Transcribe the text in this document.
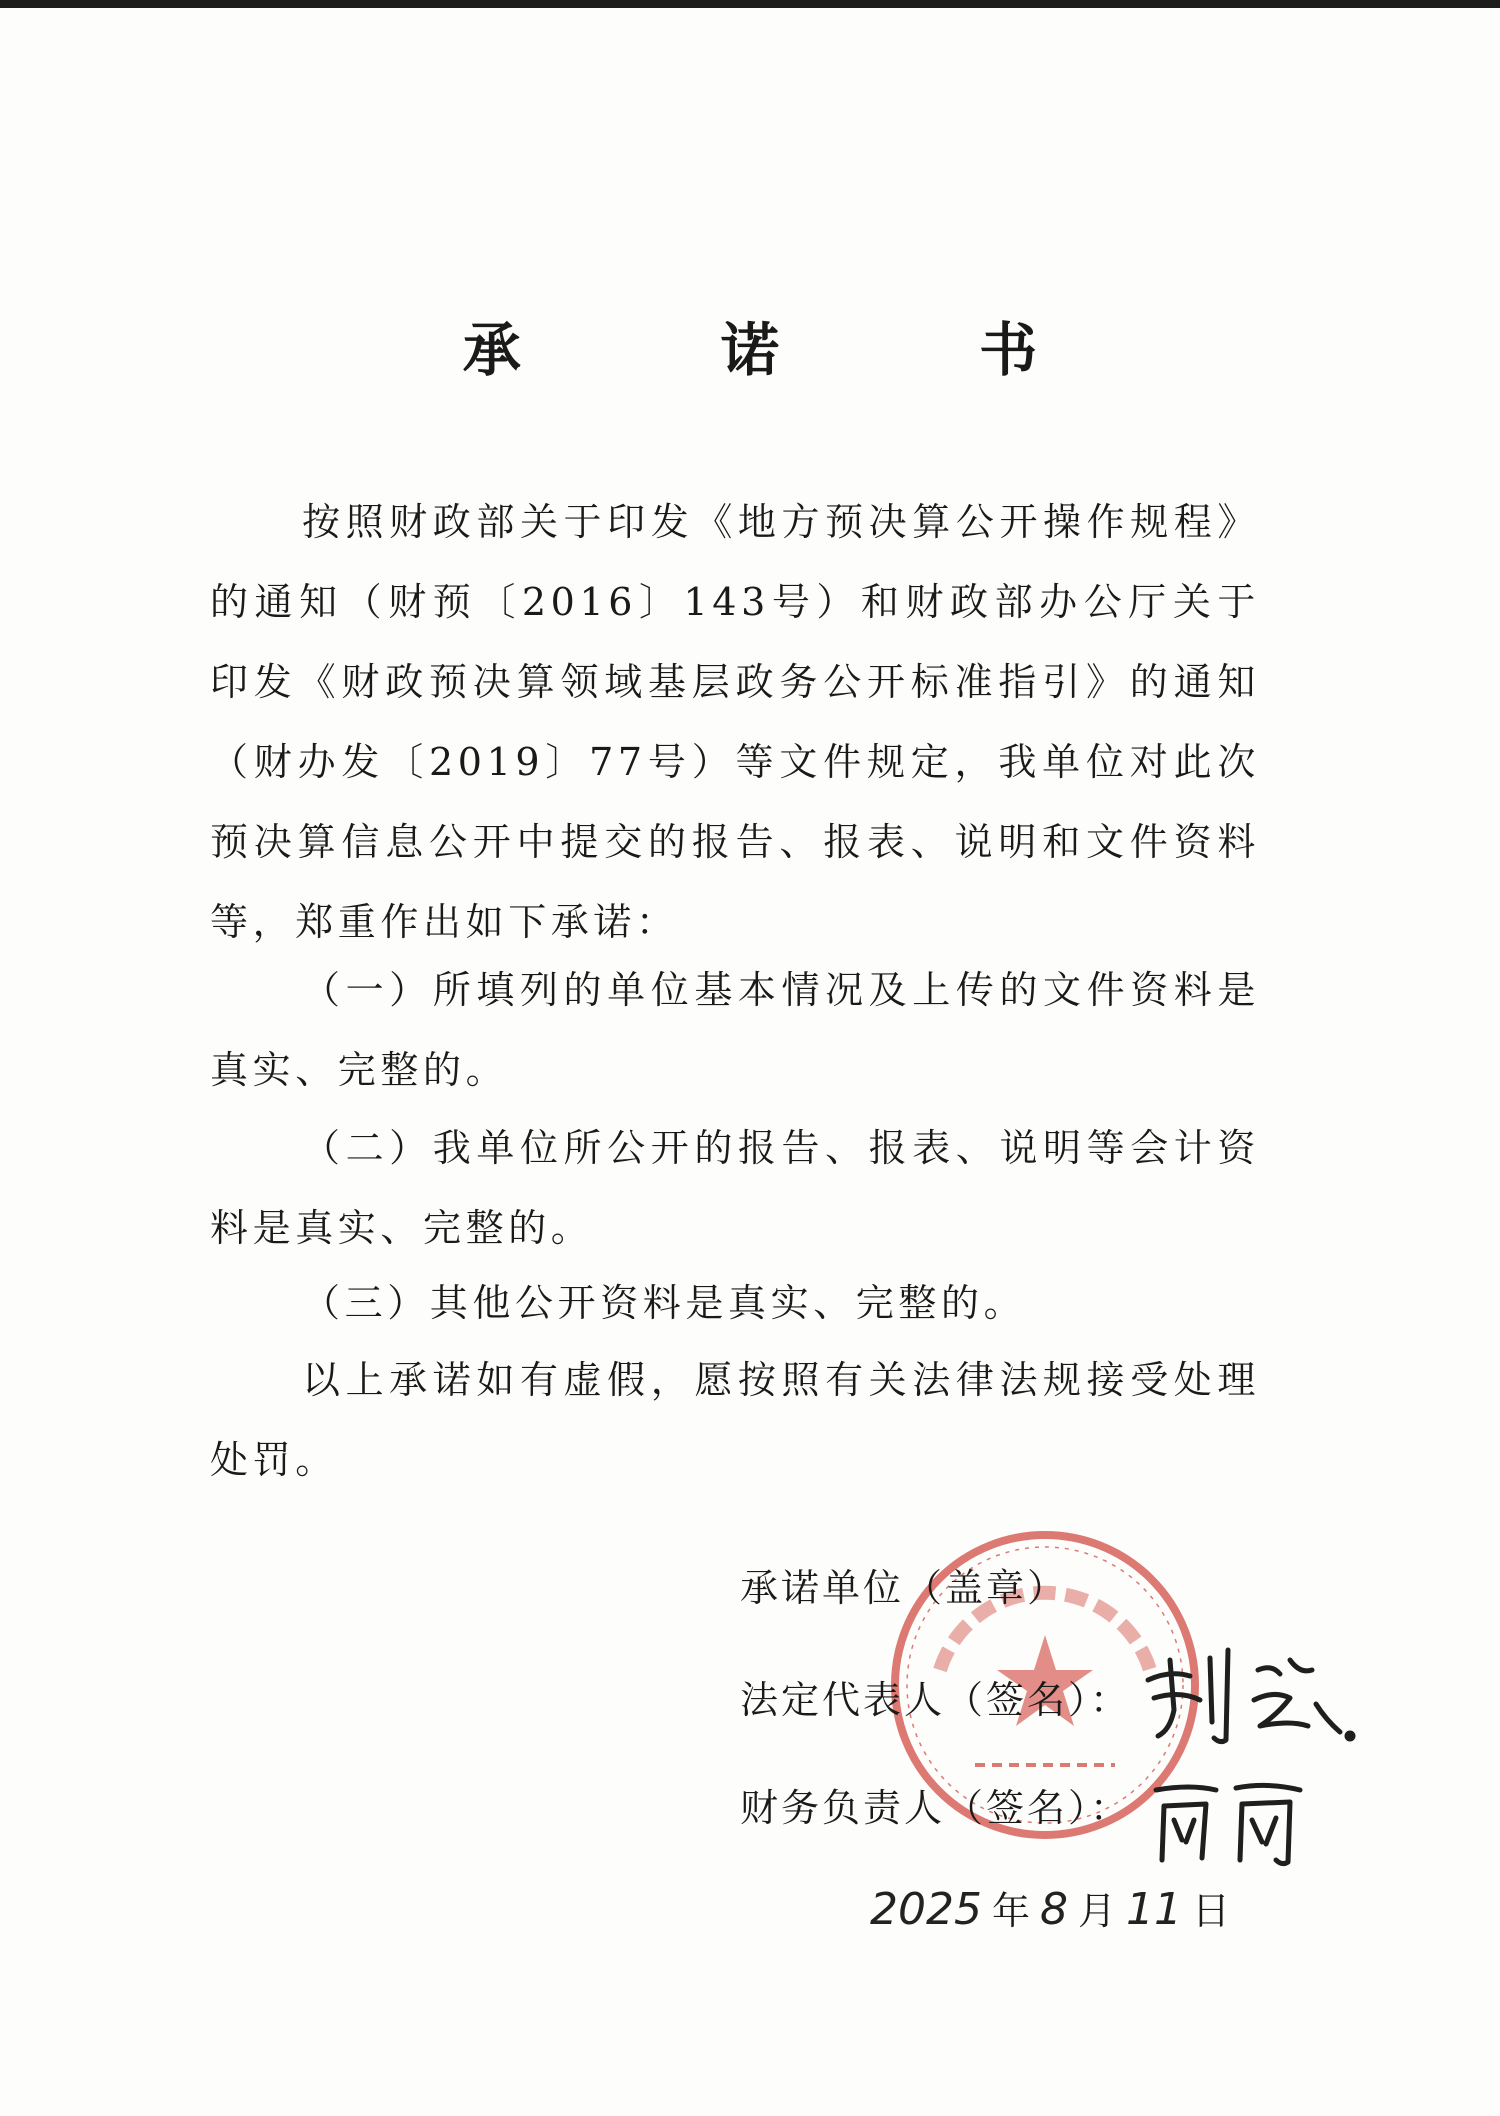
承 诺 书

按照财政部关于印发《地方预决算公开操作规程》的通知（财预〔2016〕143号）和财政部办公厅关于印发《财政预决算领域基层政务公开标准指引》的通知（财办发〔2019〕77号）等文件规定，我单位对此次预决算信息公开中提交的报告、报表、说明和文件资料等，郑重作出如下承诺：

（一）所填列的单位基本情况及上传的文件资料是真实、完整的。

（二）我单位所公开的报告、报表、说明等会计资料是真实、完整的。

（三）其他公开资料是真实、完整的。

以上承诺如有虚假，愿按照有关法律法规接受处理处罚。

承诺单位（盖章）
法定代表人（签名）：
财务负责人（签名）：
2025 年 8 月 11 日
